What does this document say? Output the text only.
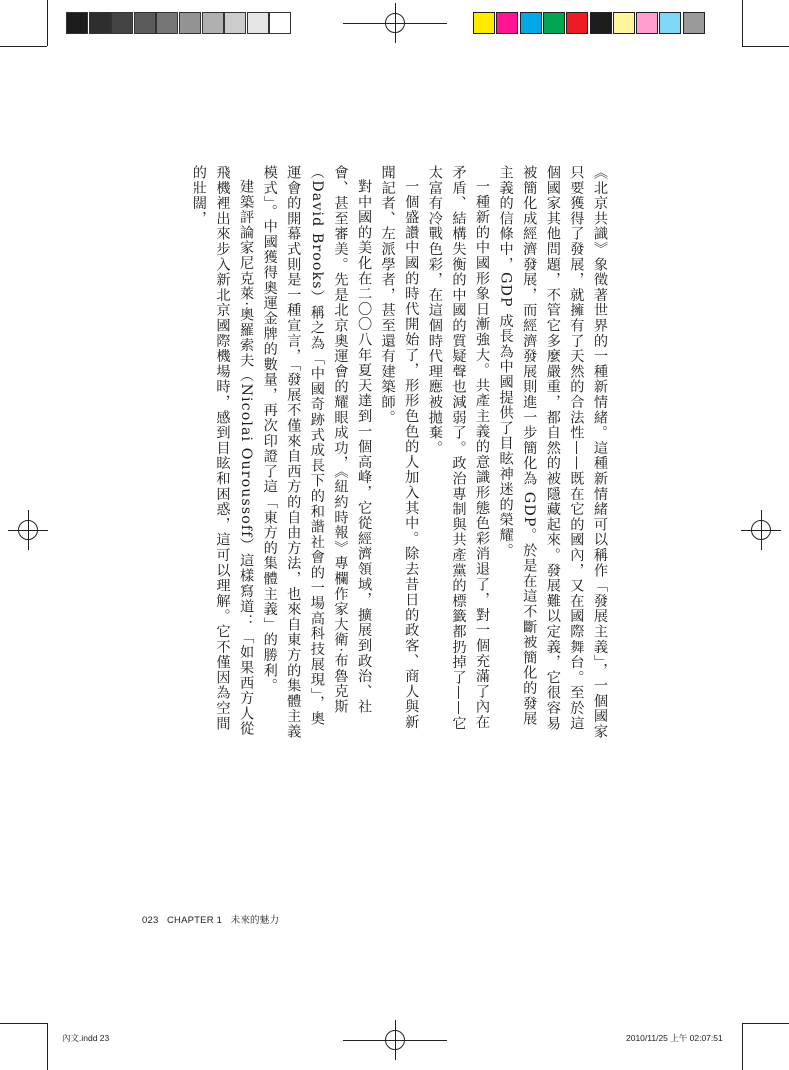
《北京共識》象徵著世界的一種新情緒。這種新情緒可以稱作「發展主義」，一個國家只要獲得了發展，就擁有了天然的合法性——既在它的國內，又在國際舞台。至於這個國家其他問題，不管它多麼嚴重，都自然的被隱藏起來。發展難以定義，它很容易被簡化成經濟發展，而經濟發展則進一步簡化為 GDP。於是在這不斷被簡化的發展主義的信條中，GDP 成長為中國提供了目眩神迷的榮耀。

一種新的中國形象日漸強大。共產主義的意識形態色彩消退了，對一個充滿了內在矛盾、結構失衡的中國的質疑聲也減弱了。政治專制與共產黨的標籤都扔掉了——它太富有冷戰色彩，在這個時代理應被拋棄。

一個盛讚中國的時代開始了，形形色色的人加入其中。除去昔日的政客、商人與新聞記者、左派學者，甚至還有建築師。

對中國的美化在二〇〇八年夏天達到一個高峰，它從經濟領域，擴展到政治、社會、甚至審美。先是北京奧運會的耀眼成功，《紐約時報》專欄作家大衛·布魯克斯（David Brooks）稱之為「中國奇跡式成長下的和諧社會的一場高科技展現」，奧運會的開幕式則是一種宣言，「發展不僅來自西方的自由方法，也來自東方的集體主義模式」。中國獲得奧運金牌的數量，再次印證了這「東方的集體主義」的勝利。

建築評論家尼克萊·奧羅索夫（Nicolai Ouroussoff）這樣寫道：「如果西方人從飛機裡出來步入新北京國際機場時，感到目眩和困惑，這可以理解。它不僅因為空間的壯闊，

023 CHAPTER 1 未來的魅力
內文.indd 23	2010/11/25 上午 02:07:51
